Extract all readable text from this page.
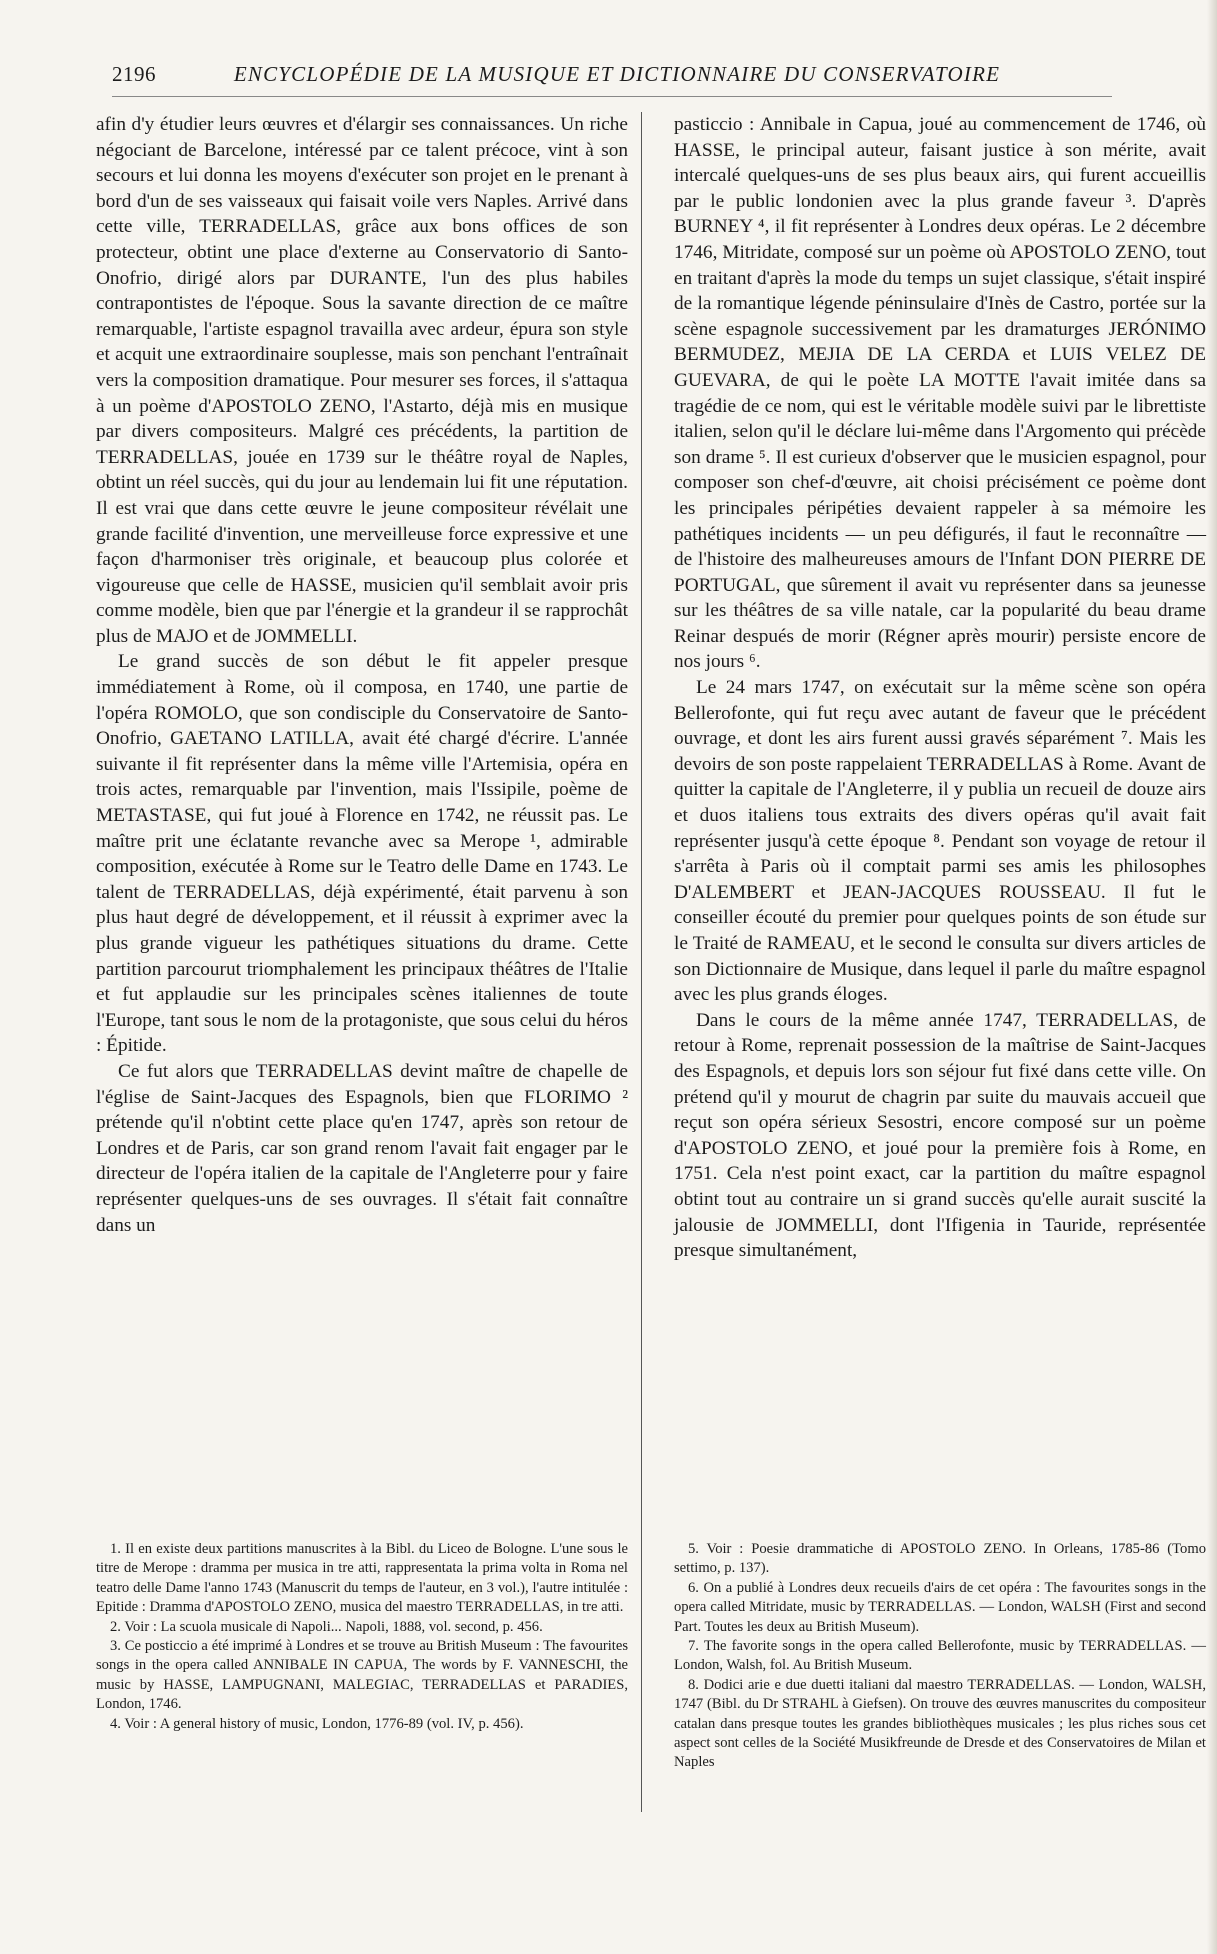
2196	ENCYCLOPÉDIE DE LA MUSIQUE ET DICTIONNAIRE DU CONSERVATOIRE

afin d'y étudier leurs œuvres et d'élargir ses connaissances. Un riche négociant de Barcelone, intéressé par ce talent précoce, vint à son secours et lui donna les moyens d'exécuter son projet en le prenant à bord d'un de ses vaisseaux qui faisait voile vers Naples. Arrivé dans cette ville, TERRADELLAS, grâce aux bons offices de son protecteur, obtint une place d'externe au Conservatorio di Santo-Onofrio, dirigé alors par DURANTE, l'un des plus habiles contrapontistes de l'époque. Sous la savante direction de ce maître remarquable, l'artiste espagnol travailla avec ardeur, épura son style et acquit une extraordinaire souplesse, mais son penchant l'entraînait vers la composition dramatique. Pour mesurer ses forces, il s'attaqua à un poème d'APOSTOLO ZENO, l'Astarto, déjà mis en musique par divers compositeurs. Malgré ces précédents, la partition de TERRADELLAS, jouée en 1739 sur le théâtre royal de Naples, obtint un réel succès, qui du jour au lendemain lui fit une réputation. Il est vrai que dans cette œuvre le jeune compositeur révélait une grande facilité d'invention, une merveilleuse force expressive et une façon d'harmoniser très originale, et beaucoup plus colorée et vigoureuse que celle de HASSE, musicien qu'il semblait avoir pris comme modèle, bien que par l'énergie et la grandeur il se rapprochât plus de MAJO et de JOMMELLI.

Le grand succès de son début le fit appeler presque immédiatement à Rome, où il composa, en 1740, une partie de l'opéra ROMOLO, que son condisciple du Conservatoire de Santo-Onofrio, GAETANO LATILLA, avait été chargé d'écrire. L'année suivante il fit représenter dans la même ville l'Artemisia, opéra en trois actes, remarquable par l'invention, mais l'Issipile, poème de METASTASE, qui fut joué à Florence en 1742, ne réussit pas. Le maître prit une éclatante revanche avec sa Merope ¹, admirable composition, exécutée à Rome sur le Teatro delle Dame en 1743. Le talent de TERRADELLAS, déjà expérimenté, était parvenu à son plus haut degré de développement, et il réussit à exprimer avec la plus grande vigueur les pathétiques situations du drame. Cette partition parcourut triomphalement les principaux théâtres de l'Italie et fut applaudie sur les principales scènes italiennes de toute l'Europe, tant sous le nom de la protagoniste, que sous celui du héros : Épitide.

Ce fut alors que TERRADELLAS devint maître de chapelle de l'église de Saint-Jacques des Espagnols, bien que FLORIMO ² prétende qu'il n'obtint cette place qu'en 1747, après son retour de Londres et de Paris, car son grand renom l'avait fait engager par le directeur de l'opéra italien de la capitale de l'Angleterre pour y faire représenter quelques-uns de ses ouvrages. Il s'était fait connaître dans un

pasticcio : Annibale in Capua, joué au commencement de 1746, où HASSE, le principal auteur, faisant justice à son mérite, avait intercalé quelques-uns de ses plus beaux airs, qui furent accueillis par le public londonien avec la plus grande faveur ³. D'après BURNEY ⁴, il fit représenter à Londres deux opéras. Le 2 décembre 1746, Mitridate, composé sur un poème où APOSTOLO ZENO, tout en traitant d'après la mode du temps un sujet classique, s'était inspiré de la romantique légende péninsulaire d'Inès de Castro, portée sur la scène espagnole successivement par les dramaturges JERÓNIMO BERMUDEZ, MEJIA DE LA CERDA et LUIS VELEZ DE GUEVARA, de qui le poète LA MOTTE l'avait imitée dans sa tragédie de ce nom, qui est le véritable modèle suivi par le librettiste italien, selon qu'il le déclare lui-même dans l'Argomento qui précède son drame ⁵. Il est curieux d'observer que le musicien espagnol, pour composer son chef-d'œuvre, ait choisi précisément ce poème dont les principales péripéties devaient rappeler à sa mémoire les pathétiques incidents — un peu défigurés, il faut le reconnaître — de l'histoire des malheureuses amours de l'Infant DON PIERRE DE PORTUGAL, que sûrement il avait vu représenter dans sa jeunesse sur les théâtres de sa ville natale, car la popularité du beau drame Reinar después de morir (Régner après mourir) persiste encore de nos jours ⁶.

Le 24 mars 1747, on exécutait sur la même scène son opéra Bellerofonte, qui fut reçu avec autant de faveur que le précédent ouvrage, et dont les airs furent aussi gravés séparément ⁷. Mais les devoirs de son poste rappelaient TERRADELLAS à Rome. Avant de quitter la capitale de l'Angleterre, il y publia un recueil de douze airs et duos italiens tous extraits des divers opéras qu'il avait fait représenter jusqu'à cette époque ⁸. Pendant son voyage de retour il s'arrêta à Paris où il comptait parmi ses amis les philosophes D'ALEMBERT et JEAN-JACQUES ROUSSEAU. Il fut le conseiller écouté du premier pour quelques points de son étude sur le Traité de RAMEAU, et le second le consulta sur divers articles de son Dictionnaire de Musique, dans lequel il parle du maître espagnol avec les plus grands éloges.

Dans le cours de la même année 1747, TERRADELLAS, de retour à Rome, reprenait possession de la maîtrise de Saint-Jacques des Espagnols, et depuis lors son séjour fut fixé dans cette ville. On prétend qu'il y mourut de chagrin par suite du mauvais accueil que reçut son opéra sérieux Sesostri, encore composé sur un poème d'APOSTOLO ZENO, et joué pour la première fois à Rome, en 1751. Cela n'est point exact, car la partition du maître espagnol obtint tout au contraire un si grand succès qu'elle aurait suscité la jalousie de JOMMELLI, dont l'Ifigenia in Tauride, représentée presque simultanément,

1. Il en existe deux partitions manuscrites à la Bibl. du Liceo de Bologne. L'une sous le titre de Merope : dramma per musica in tre atti, rappresentata la prima volta in Roma nel teatro delle Dame l'anno 1743 (Manuscrit du temps de l'auteur, en 3 vol.), l'autre intitulée : Epitide : Dramma d'APOSTOLO ZENO, musica del maestro TERRADELLAS, in tre atti.

2. Voir : La scuola musicale di Napoli... Napoli, 1888, vol. second, p. 456.

3. Ce posticcio a été imprimé à Londres et se trouve au British Museum : The favourites songs in the opera called ANNIBALE IN CAPUA, The words by F. VANNESCHI, the music by HASSE, LAMPUGNANI, MALEGIAC, TERRADELLAS et PARADIES, London, 1746.

4. Voir : A general history of music, London, 1776-89 (vol. IV, p. 456).

5. Voir : Poesie drammatiche di APOSTOLO ZENO. In Orleans, 1785-86 (Tomo settimo, p. 137).

6. On a publié à Londres deux recueils d'airs de cet opéra : The favourites songs in the opera called Mitridate, music by TERRADELLAS. — London, WALSH (First and second Part. Toutes les deux au British Museum).

7. The favorite songs in the opera called Bellerofonte, music by TERRADELLAS. — London, Walsh, fol. Au British Museum.

8. Dodici arie e due duetti italiani dal maestro TERRADELLAS. — London, WALSH, 1747 (Bibl. du Dr STRAHL à Giefsen). On trouve des œuvres manuscrites du compositeur catalan dans presque toutes les grandes bibliothèques musicales ; les plus riches sous cet aspect sont celles de la Société Musikfreunde de Dresde et des Conservatoires de Milan et Naples
